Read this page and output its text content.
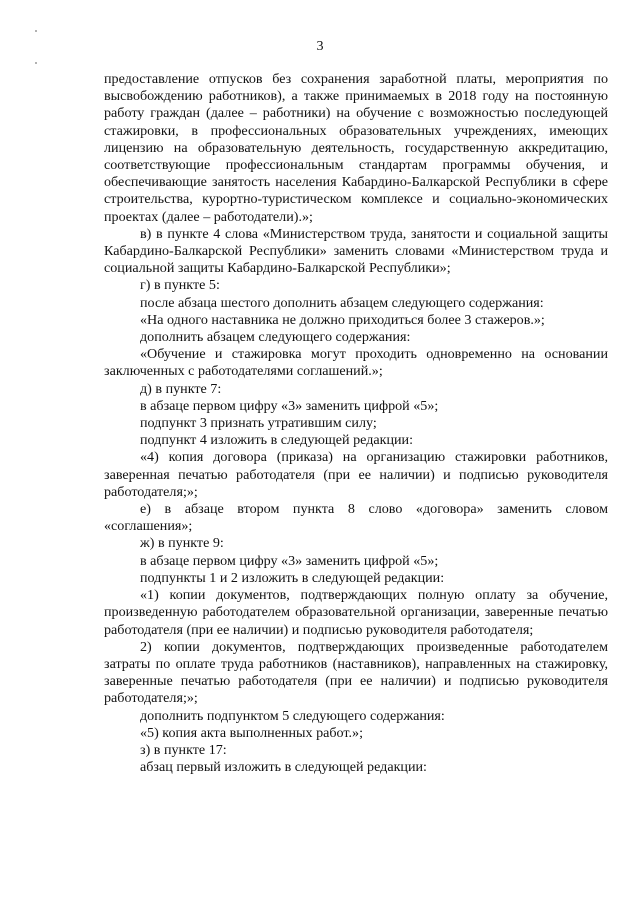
3

предоставление отпусков без сохранения заработной платы, мероприятия по высвобождению работников), а также принимаемых в 2018 году на постоянную работу граждан (далее – работники) на обучение с возможностью последующей стажировки, в профессиональных образовательных учреждениях, имеющих лицензию на образовательную деятельность, государственную аккредитацию, соответствующие профессиональным стандартам программы обучения, и обеспечивающие занятость населения Кабардино-Балкарской Республики в сфере строительства, курортно-туристическом комплексе и социально-экономических проектах (далее – работодатели).»;

в) в пункте 4 слова «Министерством труда, занятости и социальной защиты Кабардино-Балкарской Республики» заменить словами «Министерством труда и социальной защиты Кабардино-Балкарской Республики»;

г) в пункте 5:

после абзаца шестого дополнить абзацем следующего содержания:

«На одного наставника не должно приходиться более 3 стажеров.»;

дополнить абзацем следующего содержания:

«Обучение и стажировка могут проходить одновременно на основании заключенных с работодателями соглашений.»;

д) в пункте 7:

в абзаце первом цифру «3» заменить цифрой «5»;

подпункт 3 признать утратившим силу;

подпункт 4 изложить в следующей редакции:

«4) копия договора (приказа) на организацию стажировки работников, заверенная печатью работодателя (при ее наличии) и подписью руководителя работодателя;»;

е) в абзаце втором пункта 8 слово «договора» заменить словом «соглашения»;

ж) в пункте 9:

в абзаце первом цифру «3» заменить цифрой «5»;

подпункты 1 и 2 изложить в следующей редакции:

«1) копии документов, подтверждающих полную оплату за обучение, произведенную работодателем образовательной организации, заверенные печатью работодателя (при ее наличии) и подписью руководителя работодателя;

2) копии документов, подтверждающих произведенные работодателем затраты по оплате труда работников (наставников), направленных на стажировку, заверенные печатью работодателя (при ее наличии) и подписью руководителя работодателя;»;

дополнить подпунктом 5 следующего содержания:

«5) копия акта выполненных работ.»;

з) в пункте 17:

абзац первый изложить в следующей редакции:
